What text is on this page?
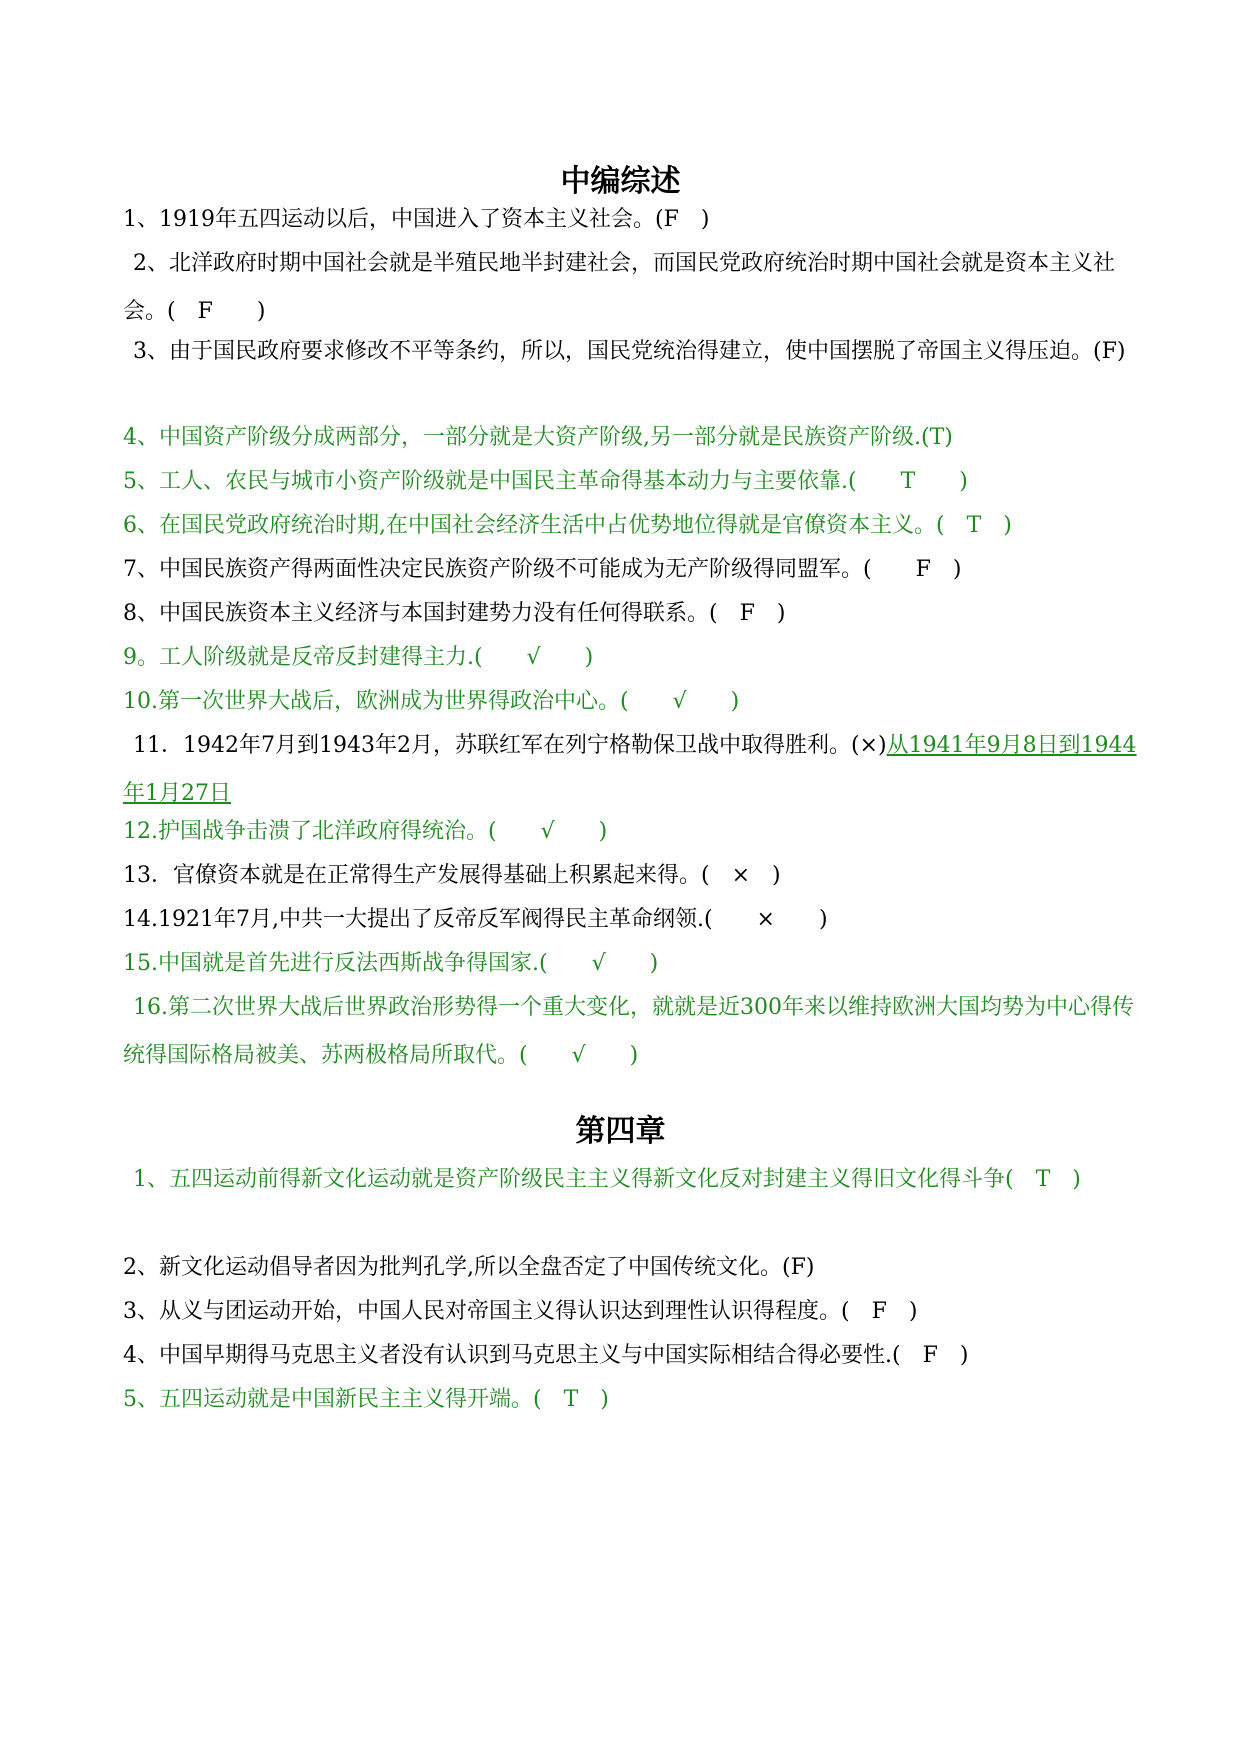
中编综述

1、1919年五四运动以后，中国进入了资本主义社会。(F　)

2、北洋政府时期中国社会就是半殖民地半封建社会，而国民党政府统治时期中国社会就是资本主义社会。(　F　　)

3、由于国民政府要求修改不平等条约，所以，国民党统治得建立，使中国摆脱了帝国主义得压迫。(F)

4、中国资产阶级分成两部分，一部分就是大资产阶级,另一部分就是民族资产阶级.(T)

5、工人、农民与城市小资产阶级就是中国民主革命得基本动力与主要依靠.(　　T　　)

6、在国民党政府统治时期,在中国社会经济生活中占优势地位得就是官僚资本主义。(　T　)

7、中国民族资产得两面性决定民族资产阶级不可能成为无产阶级得同盟军。(　　F　)

8、中国民族资本主义经济与本国封建势力没有任何得联系。(　F　)

9。工人阶级就是反帝反封建得主力.(　　√　　)

10.第一次世界大战后，欧洲成为世界得政治中心。(　　√　　)

11．1942年7月到1943年2月，苏联红军在列宁格勒保卫战中取得胜利。(×)从1941年9月8日到1944年1月27日

12.护国战争击溃了北洋政府得统治。(　　√　　)

13．官僚资本就是在正常得生产发展得基础上积累起来得。(　×　)

14.1921年7月,中共一大提出了反帝反军阀得民主革命纲领.(　　×　　)

15.中国就是首先进行反法西斯战争得国家.(　　√　　)

16.第二次世界大战后世界政治形势得一个重大变化，就就是近300年来以维持欧洲大国均势为中心得传统得国际格局被美、苏两极格局所取代。(　　√　　)

第四章

1、五四运动前得新文化运动就是资产阶级民主主义得新文化反对封建主义得旧文化得斗争(　T　)

2、新文化运动倡导者因为批判孔学,所以全盘否定了中国传统文化。(F)

3、从义与团运动开始，中国人民对帝国主义得认识达到理性认识得程度。(　F　)

4、中国早期得马克思主义者没有认识到马克思主义与中国实际相结合得必要性.(　F　)

5、五四运动就是中国新民主主义得开端。(　T　)
